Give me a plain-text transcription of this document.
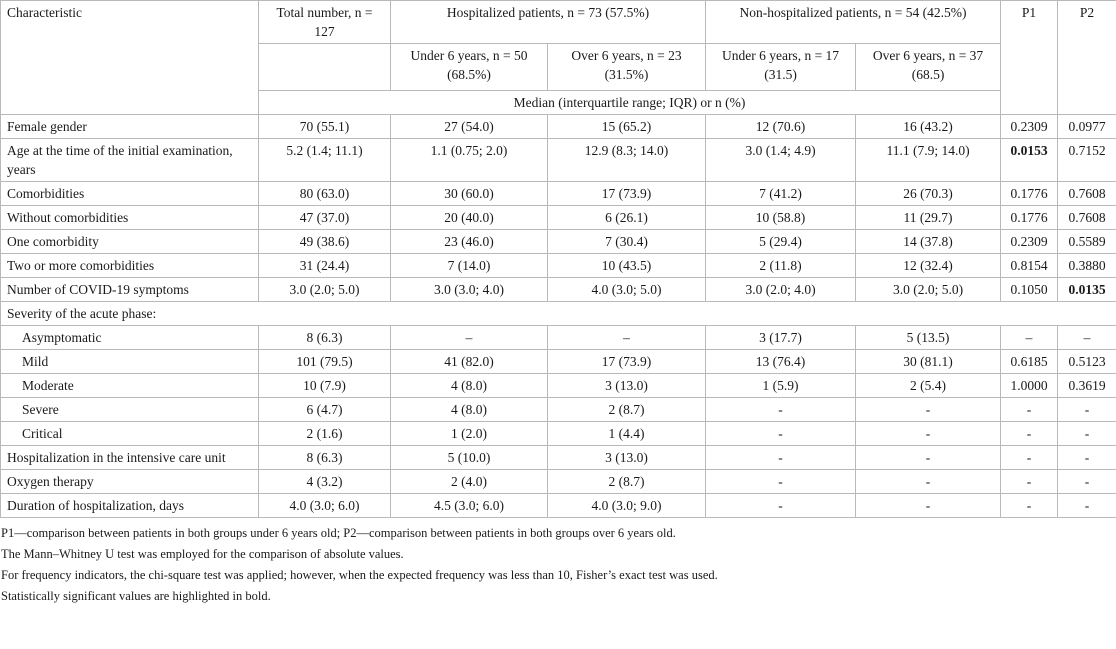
Characteristic	Total number, n = 127	Hospitalized patients, n = 73 (57.5%)		Non-hospitalized patients, n = 54 (42.5%)		P1	P2
		Under 6 years, n = 50 (68.5%)	Over 6 years, n = 23 (31.5%)	Under 6 years, n = 17 (31.5)	Over 6 years, n = 37 (68.5)		
	Median (interquartile range; IQR) or n (%)						
Female gender	70 (55.1)	27 (54.0)	15 (65.2)	12 (70.6)	16 (43.2)	0.2309	0.0977
Age at the time of the initial examination, years	5.2 (1.4; 11.1)	1.1 (0.75; 2.0)	12.9 (8.3; 14.0)	3.0 (1.4; 4.9)	11.1 (7.9; 14.0)	0.0153	0.7152
Comorbidities	80 (63.0)	30 (60.0)	17 (73.9)	7 (41.2)	26 (70.3)	0.1776	0.7608
Without comorbidities	47 (37.0)	20 (40.0)	6 (26.1)	10 (58.8)	11 (29.7)	0.1776	0.7608
One comorbidity	49 (38.6)	23 (46.0)	7 (30.4)	5 (29.4)	14 (37.8)	0.2309	0.5589
Two or more comorbidities	31 (24.4)	7 (14.0)	10 (43.5)	2 (11.8)	12 (32.4)	0.8154	0.3880
Number of COVID-19 symptoms	3.0 (2.0; 5.0)	3.0 (3.0; 4.0)	4.0 (3.0; 5.0)	3.0 (2.0; 4.0)	3.0 (2.0; 5.0)	0.1050	0.0135
Severity of the acute phase:							
Asymptomatic	8 (6.3)	–	–	3 (17.7)	5 (13.5)	–	–
Mild	101 (79.5)	41 (82.0)	17 (73.9)	13 (76.4)	30 (81.1)	0.6185	0.5123
Moderate	10 (7.9)	4 (8.0)	3 (13.0)	1 (5.9)	2 (5.4)	1.0000	0.3619
Severe	6 (4.7)	4 (8.0)	2 (8.7)	-	-	-	-
Critical	2 (1.6)	1 (2.0)	1 (4.4)	-	-	-	-
Hospitalization in the intensive care unit	8 (6.3)	5 (10.0)	3 (13.0)	-	-	-	-
Oxygen therapy	4 (3.2)	2 (4.0)	2 (8.7)	-	-	-	-
Duration of hospitalization, days	4.0 (3.0; 6.0)	4.5 (3.0; 6.0)	4.0 (3.0; 9.0)	-	-	-	-
P1—comparison between patients in both groups under 6 years old; P2—comparison between patients in both groups over 6 years old.
The Mann–Whitney U test was employed for the comparison of absolute values.
For frequency indicators, the chi-square test was applied; however, when the expected frequency was less than 10, Fisher’s exact test was used.
Statistically significant values are highlighted in bold.
